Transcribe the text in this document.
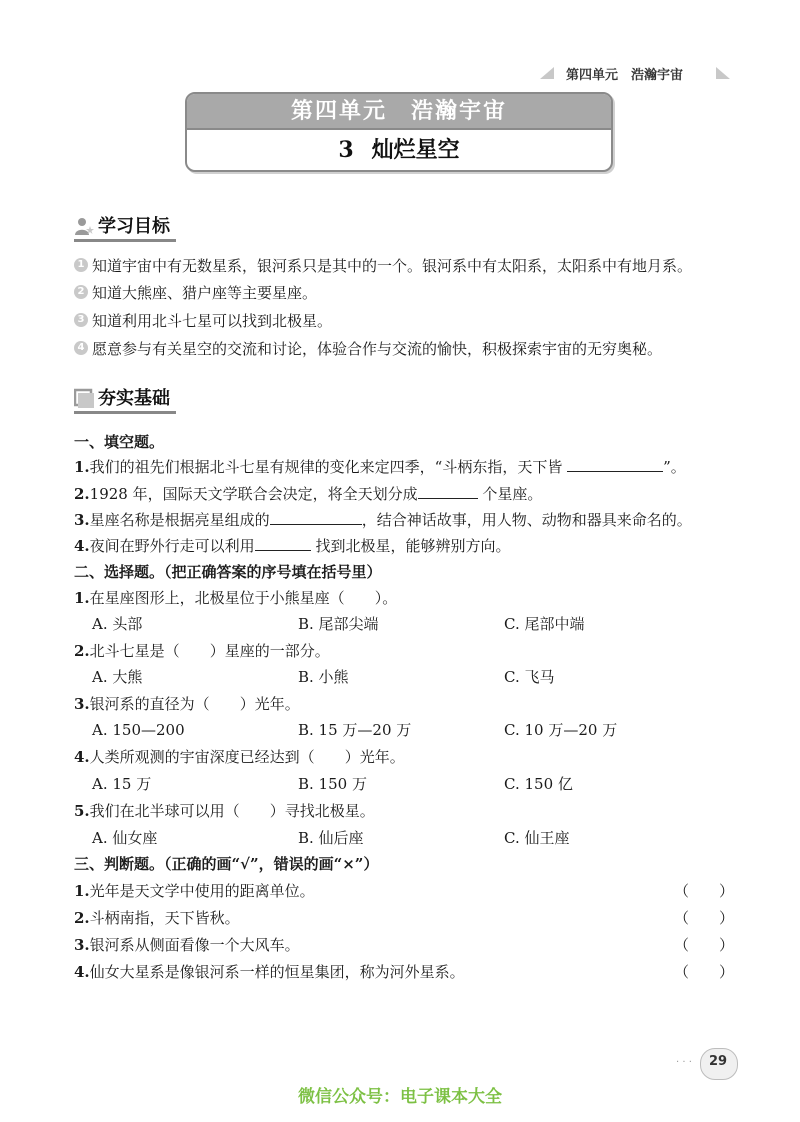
第四单元　浩瀚宇宙
第四单元　浩瀚宇宙
3 灿烂星空
学习目标
1 知道宇宙中有无数星系，银河系只是其中的一个。银河系中有太阳系，太阳系中有地月系。
2 知道大熊座、猎户座等主要星座。
3 知道利用北斗七星可以找到北极星。
4 愿意参与有关星空的交流和讨论，体验合作与交流的愉快，积极探索宇宙的无穷奥秘。
夯实基础
一、填空题。
1.我们的祖先们根据北斗七星有规律的变化来定四季，“斗柄东指，天下皆	”。
2.1928 年，国际天文学联合会决定，将全天划分成	个星座。
3.星座名称是根据亮星组成的	，结合神话故事，用人物、动物和器具来命名的。
4.夜间在野外行走可以利用	找到北极星，能够辨别方向。
二、选择题。（把正确答案的序号填在括号里）
1.在星座图形上，北极星位于小熊星座（ ）。
A. 头部	B. 尾部尖端	C. 尾部中端
2.北斗七星是（ ）星座的一部分。
A. 大熊	B. 小熊	C. 飞马
3.银河系的直径为（ ）光年。
A. 150—200	B. 15 万—20 万	C. 10 万—20 万
4.人类所观测的宇宙深度已经达到（ ）光年。
A. 15 万	B. 150 万	C. 150 亿
5.我们在北半球可以用（ ）寻找北极星。
A. 仙女座	B. 仙后座	C. 仙王座
三、判断题。（正确的画“√”，错误的画“×”）
1.光年是天文学中使用的距离单位。	（　　）
2.斗柄南指，天下皆秋。	（　　）
3.银河系从侧面看像一个大风车。	（　　）
4.仙女大星系是像银河系一样的恒星集团，称为河外星系。	（　　）
· · ·	29
微信公众号：电子课本大全
